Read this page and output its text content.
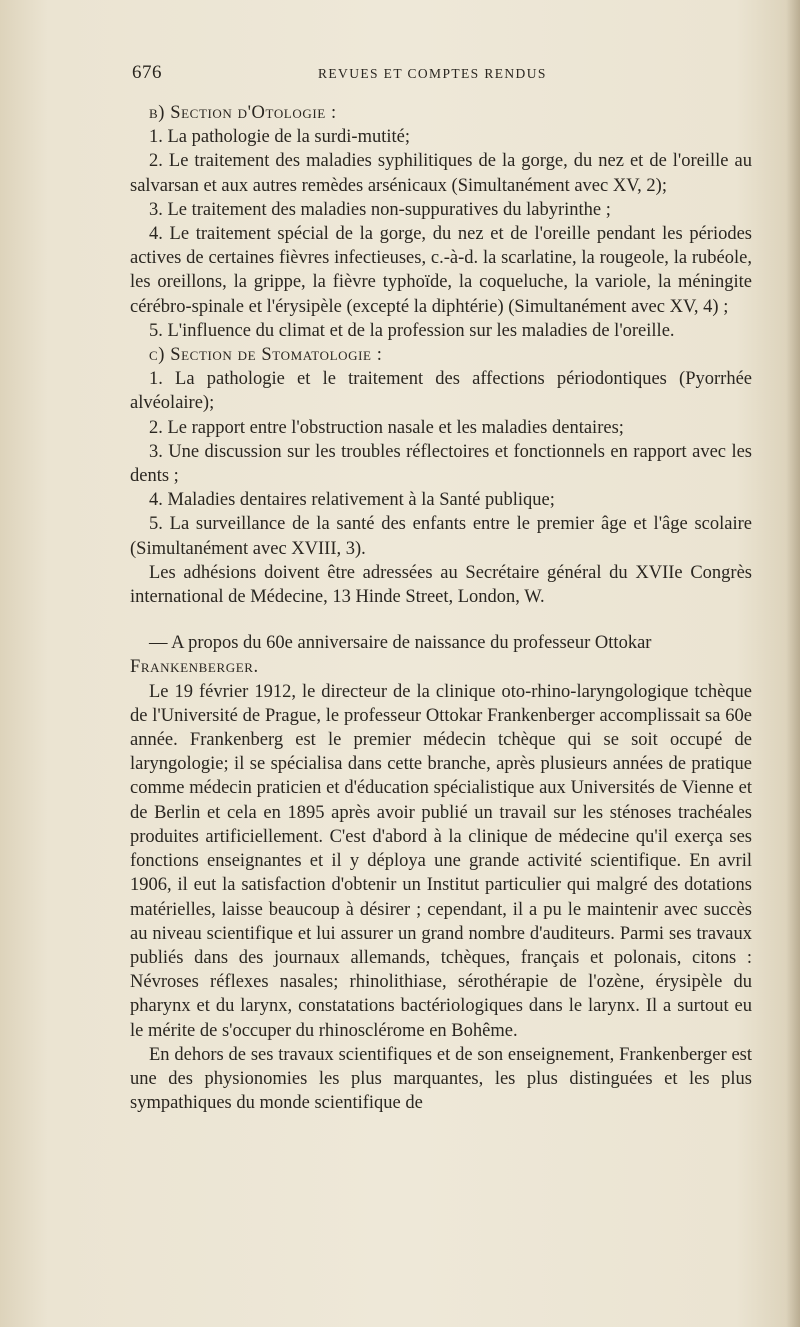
676	REVUES ET COMPTES RENDUS

b) Section d'Otologie :

1. La pathologie de la surdi-mutité;

2. Le traitement des maladies syphilitiques de la gorge, du nez et de l'oreille au salvarsan et aux autres remèdes arsénicaux (Simultanément avec XV, 2);

3. Le traitement des maladies non-suppuratives du labyrinthe ;

4. Le traitement spécial de la gorge, du nez et de l'oreille pendant les périodes actives de certaines fièvres infectieuses, c.-à-d. la scarlatine, la rougeole, la rubéole, les oreillons, la grippe, la fièvre typhoïde, la coqueluche, la variole, la méningite cérébro-spinale et l'érysipèle (excepté la diphtérie) (Simultanément avec XV, 4) ;

5. L'influence du climat et de la profession sur les maladies de l'oreille.

c) Section de Stomatologie :

1. La pathologie et le traitement des affections périodontiques (Pyorrhée alvéolaire);

2. Le rapport entre l'obstruction nasale et les maladies dentaires;

3. Une discussion sur les troubles réflectoires et fonctionnels en rapport avec les dents ;

4. Maladies dentaires relativement à la Santé publique;

5. La surveillance de la santé des enfants entre le premier âge et l'âge scolaire (Simultanément avec XVIII, 3).

Les adhésions doivent être adressées au Secrétaire général du XVIIe Congrès international de Médecine, 13 Hinde Street, London, W.

— A propos du 60e anniversaire de naissance du professeur Ottokar
Frankenberger.

Le 19 février 1912, le directeur de la clinique oto-rhino-laryngologique tchèque de l'Université de Prague, le professeur Ottokar Frankenberger accomplissait sa 60e année. Frankenberg est le premier médecin tchèque qui se soit occupé de laryngologie; il se spécialisa dans cette branche, après plusieurs années de pratique comme médecin praticien et d'éducation spécialistique aux Universités de Vienne et de Berlin et cela en 1895 après avoir publié un travail sur les sténoses trachéales produites artificiellement. C'est d'abord à la clinique de médecine qu'il exerça ses fonctions enseignantes et il y déploya une grande activité scientifique. En avril 1906, il eut la satisfaction d'obtenir un Institut particulier qui malgré des dotations matérielles, laisse beaucoup à désirer ; cependant, il a pu le maintenir avec succès au niveau scientifique et lui assurer un grand nombre d'auditeurs. Parmi ses travaux publiés dans des journaux allemands, tchèques, français et polonais, citons : Névroses réflexes nasales; rhinolithiase, sérothérapie de l'ozène, érysipèle du pharynx et du larynx, constatations bactériologiques dans le larynx. Il a surtout eu le mérite de s'occuper du rhinosclérome en Bohême.

En dehors de ses travaux scientifiques et de son enseignement, Frankenberger est une des physionomies les plus marquantes, les plus distinguées et les plus sympathiques du monde scientifique de
